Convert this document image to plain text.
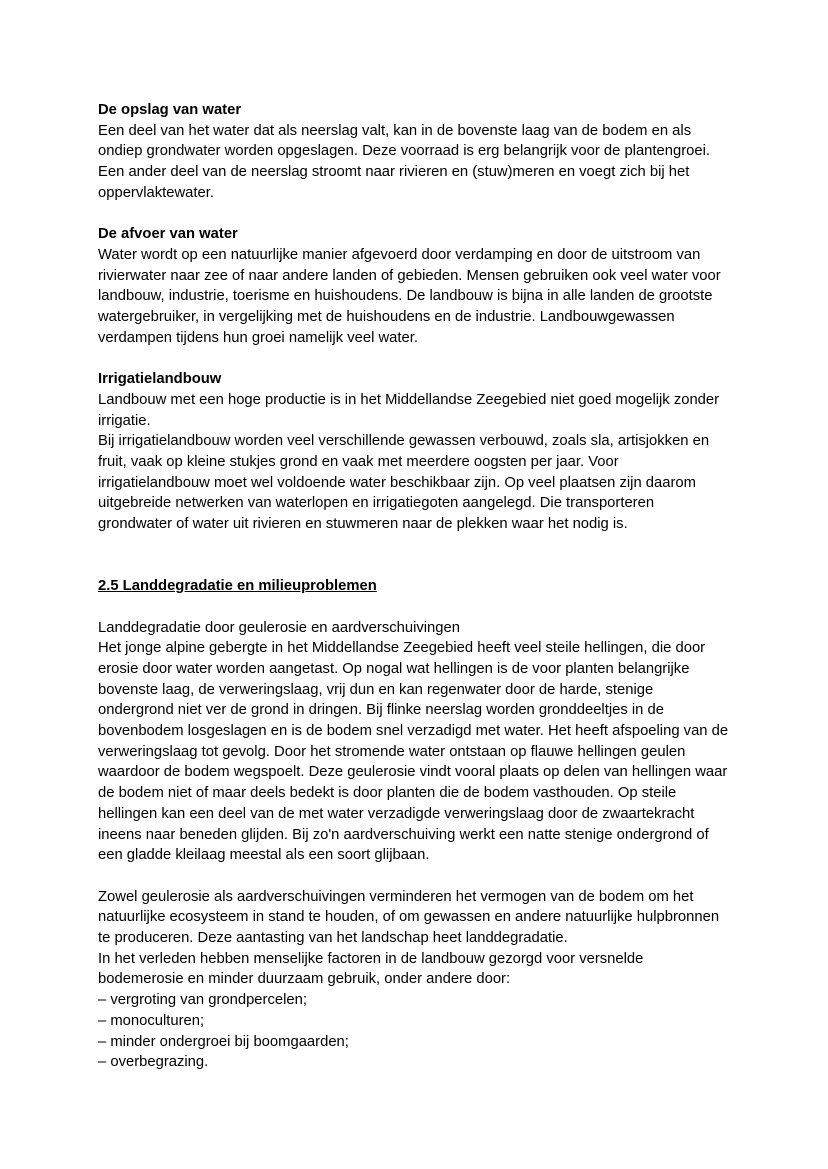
De opslag van water

Een deel van het water dat als neerslag valt, kan in de bovenste laag van de bodem en als ondiep grondwater worden opgeslagen. Deze voorraad is erg belangrijk voor de plantengroei. Een ander deel van de neerslag stroomt naar rivieren en (stuw)meren en voegt zich bij het oppervlaktewater.

De afvoer van water

Water wordt op een natuurlijke manier afgevoerd door verdamping en door de uitstroom van rivierwater naar zee of naar andere landen of gebieden. Mensen gebruiken ook veel water voor landbouw, industrie, toerisme en huishoudens. De landbouw is bijna in alle landen de grootste watergebruiker, in vergelijking met de huishoudens en de industrie. Landbouwgewassen verdampen tijdens hun groei namelijk veel water.

Irrigatielandbouw

Landbouw met een hoge productie is in het Middellandse Zeegebied niet goed mogelijk zonder irrigatie.

Bij irrigatielandbouw worden veel verschillende gewassen verbouwd, zoals sla, artisjokken en fruit, vaak op kleine stukjes grond en vaak met meerdere oogsten per jaar. Voor irrigatielandbouw moet wel voldoende water beschikbaar zijn. Op veel plaatsen zijn daarom uitgebreide netwerken van waterlopen en irrigatiegoten aangelegd. Die transporteren grondwater of water uit rivieren en stuwmeren naar de plekken waar het nodig is.

2.5 Landdegradatie en milieuproblemen

Landdegradatie door geulerosie en aardverschuivingen

Het jonge alpine gebergte in het Middellandse Zeegebied heeft veel steile hellingen, die door erosie door water worden aangetast. Op nogal wat hellingen is de voor planten belangrijke bovenste laag, de verweringslaag, vrij dun en kan regenwater door de harde, stenige ondergrond niet ver de grond in dringen. Bij flinke neerslag worden gronddeeltjes in de bovenbodem losgeslagen en is de bodem snel verzadigd met water. Het heeft afspoeling van de verweringslaag tot gevolg. Door het stromende water ontstaan op flauwe hellingen geulen waardoor de bodem wegspoelt. Deze geulerosie vindt vooral plaats op delen van hellingen waar de bodem niet of maar deels bedekt is door planten die de bodem vasthouden. Op steile hellingen kan een deel van de met water verzadigde verweringslaag door de zwaartekracht ineens naar beneden glijden. Bij zo'n aardverschuiving werkt een natte stenige ondergrond of een gladde kleilaag meestal als een soort glijbaan.

Zowel geulerosie als aardverschuivingen verminderen het vermogen van de bodem om het natuurlijke ecosysteem in stand te houden, of om gewassen en andere natuurlijke hulpbronnen te produceren. Deze aantasting van het landschap heet landdegradatie.

In het verleden hebben menselijke factoren in de landbouw gezorgd voor versnelde bodemerosie en minder duurzaam gebruik, onder andere door:

– vergroting van grondpercelen;
– monoculturen;
– minder ondergroei bij boomgaarden;
– overbegrazing.
